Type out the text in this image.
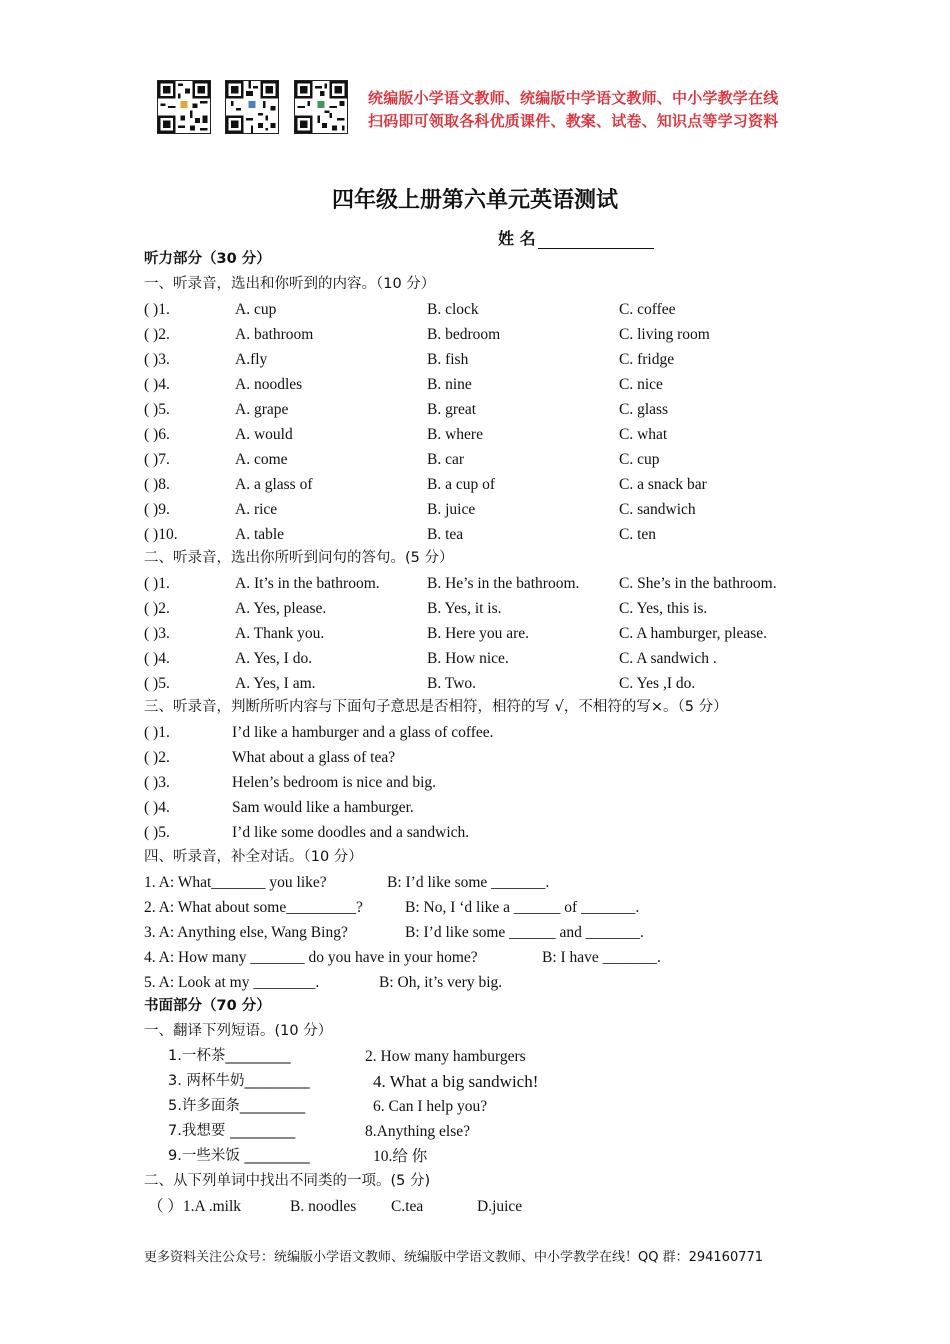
统编版小学语文教师、统编版中学语文教师、中小学教学在线
扫码即可领取各科优质课件、教案、试卷、知识点等学习资料
四年级上册第六单元英语测试
姓 名
听力部分（30 分）
一、听录音，选出和你听到的内容。（10 分）
( )1.	A. cup	B. clock	C. coffee
( )2.	A. bathroom	B. bedroom	C. living room
( )3.	A.fly	B. fish	C. fridge
( )4.	A. noodles	B. nine	C. nice
( )5.	A. grape	B. great	C. glass
( )6.	A. would	B. where	C. what
( )7.	A. come	B. car	C. cup
( )8.	A. a glass of	B. a cup of	C. a snack bar
( )9.	A. rice	B. juice	C. sandwich
( )10.	A. table	B. tea	C. ten
二、听录音，选出你所听到问句的答句。(5 分）
( )1.	A. It’s in the bathroom.	B. He’s in the bathroom.	C. She’s in the bathroom.
( )2.	A. Yes, please.	B. Yes, it is.	C. Yes, this is.
( )3.	A. Thank you.	B. Here you are.	C. A hamburger, please.
( )4.	A. Yes, I do.	B. How nice.	C. A sandwich .
( )5.	A. Yes, I am.	B. Two.	C. Yes ,I do.
三、听录音，判断所听内容与下面句子意思是否相符，相符的写 √，不相符的写×。（5 分）
( )1.	I’d like a hamburger and a glass of coffee.
( )2.	What about a glass of tea?
( )3.	Helen’s bedroom is nice and big.
( )4.	Sam would like a hamburger.
( )5.	I’d like some doodles and a sandwich.
四、听录音，补全对话。（10 分）
1. A: What_______ you like?	B: I’d like some _______.
2. A: What about some_________?	B: No, I ‘d like a ______ of _______.
3. A: Anything else, Wang Bing?	B: I’d like some ______ and _______.
4. A: How many _______ do you have in your home?	B: I have _______.
5. A: Look at my ________.	B: Oh, it’s very big.
书面部分（70 分）
一、翻译下列短语。(10 分）
1.一杯茶_________	2. How many hamburgers
3. 两杯牛奶_________	4. What a big sandwich!
5.许多面条_________	6. Can I help you?
7.我想要 _________	8.Anything else?
9.一些米饭 _________	10.给 你
二、从下列单词中找出不同类的一项。(5 分)
（ ）1.A .milk	B. noodles C.tea	D.juice
更多资料关注公众号：统编版小学语文教师、统编版中学语文教师、中小学教学在线！QQ 群：294160771
